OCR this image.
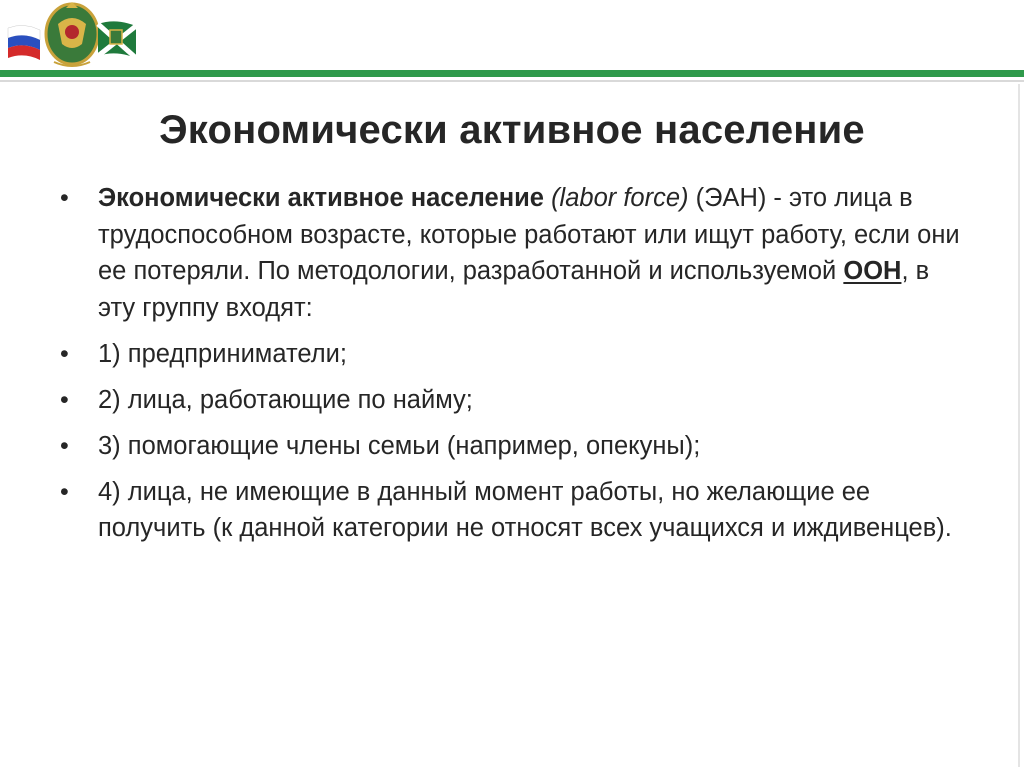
Экономически активное население
•	Экономически активное население (labor force) (ЭАН) - это лица в трудоспособном возрасте, которые работают или ищут работу, если они ее потеряли. По методологии, разработанной и используемой ООН, в эту группу входят:
•	1) предприниматели;
•	2) лица, работающие по найму;
•	3) помогающие члены семьи (например, опекуны);
•	4) лица, не имеющие в данный момент работы, но желающие ее получить (к данной категории не относят всех учащихся и иждивенцев).
